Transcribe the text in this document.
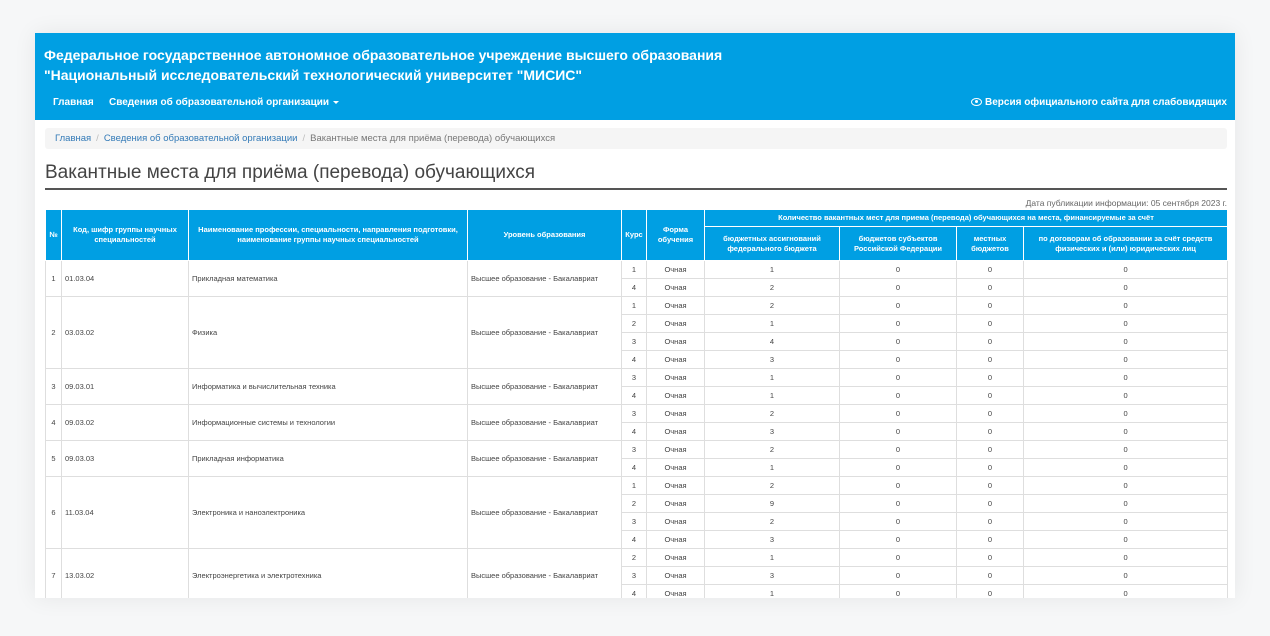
Федеральное государственное автономное образовательное учреждение высшего образования
"Национальный исследовательский технологический университет "МИСИС"
Главная Сведения об образовательной организации	Версия официального сайта для слабовидящих
Главная / Сведения об образовательной организации / Вакантные места для приёма (перевода) обучающихся
Вакантные места для приёма (перевода) обучающихся
Дата публикации информации: 05 сентября 2023 г.
№	Код, шифр группы научных специальностей	Наименование профессии, специальности, направления подготовки, наименование группы научных специальностей	Уровень образования	Курс	Форма обучения	Количество вакантных мест для приема (перевода) обучающихся на места, финансируемые за счёт			
						бюджетных ассигнований федерального бюджета	бюджетов субъектов Российской Федерации	местных бюджетов	по договорам об образовании за счёт средств физических и (или) юридических лиц
1	01.03.04	Прикладная математика	Высшее образование - Бакалавриат	1	Очная	1	0	0	0
				4	Очная	2	0	0	0
2	03.03.02	Физика	Высшее образование - Бакалавриат	1	Очная	2	0	0	0
				2	Очная	1	0	0	0
				3	Очная	4	0	0	0
				4	Очная	3	0	0	0
3	09.03.01	Информатика и вычислительная техника	Высшее образование - Бакалавриат	3	Очная	1	0	0	0
				4	Очная	1	0	0	0
4	09.03.02	Информационные системы и технологии	Высшее образование - Бакалавриат	3	Очная	2	0	0	0
				4	Очная	3	0	0	0
5	09.03.03	Прикладная информатика	Высшее образование - Бакалавриат	3	Очная	2	0	0	0
				4	Очная	1	0	0	0
6	11.03.04	Электроника и наноэлектроника	Высшее образование - Бакалавриат	1	Очная	2	0	0	0
				2	Очная	9	0	0	0
				3	Очная	2	0	0	0
				4	Очная	3	0	0	0
7	13.03.02	Электроэнергетика и электротехника	Высшее образование - Бакалавриат	2	Очная	1	0	0	0
				3	Очная	3	0	0	0
				4	Очная	1	0	0	0
